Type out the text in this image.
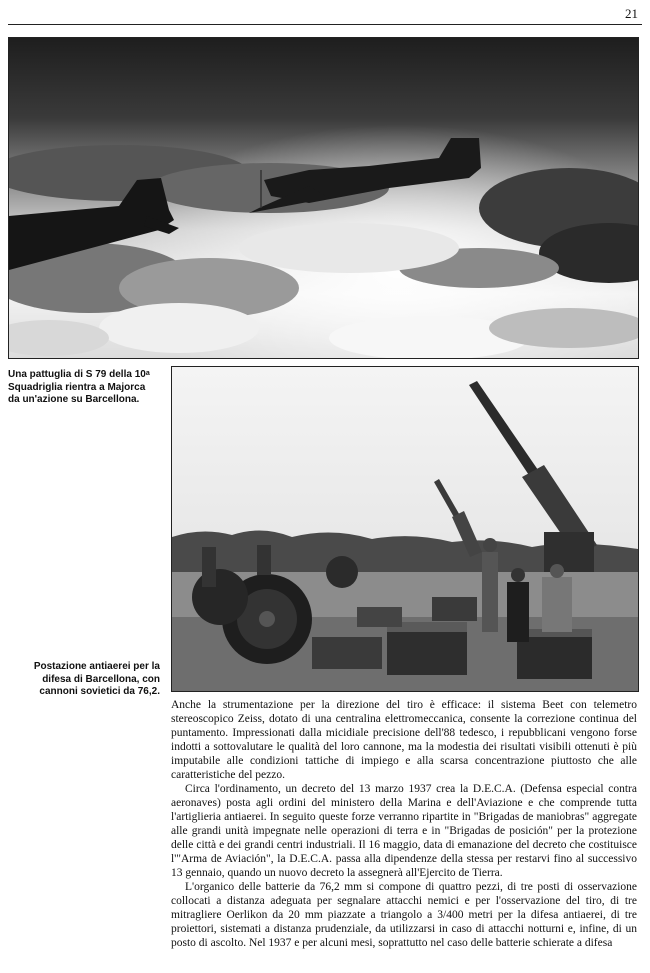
21
Una pattuglia di S 79 della 10$^a$ Squadriglia rientra a Majorca da un'azione su Barcellona.
Postazione antiaerei per la difesa di Barcellona, con cannoni sovietici da 76,2.

Anche la strumentazione per la direzione del tiro è efficace: il sistema Beet con telemetro stereoscopico Zeiss, dotato di una centralina elettromeccanica, consente la correzione continua del puntamento. Impressionati dalla micidiale precisione dell'88 tedesco, i repubblicani vengono forse indotti a sottovalutare le qualità del loro cannone, ma la modestia dei risultati visibili ottenuti è più imputabile alle condizioni tattiche di impiego e alla scarsa concentrazione piuttosto che alle caratteristiche del pezzo.

Circa l'ordinamento, un decreto del 13 marzo 1937 crea la D.E.C.A. (Defensa especial contra aeronaves) posta agli ordini del ministero della Marina e dell'Aviazione e che comprende tutta l'artiglieria antiaerei. In seguito queste forze verranno ripartite in "Brigadas de maniobras" aggregate alle grandi unità impegnate nelle operazioni di terra e in "Brigadas de posición" per la protezione delle città e dei grandi centri industriali. Il 16 maggio, data di emanazione del decreto che costituisce l'"Arma de Aviación", la D.E.C.A. passa alla dipendenze della stessa per restarvi fino al successivo 13 gennaio, quando un nuovo decreto la assegnerà all'Ejercito de Tierra.

L'organico delle batterie da 76,2 mm si compone di quattro pezzi, di tre posti di osservazione collocati a distanza adeguata per segnalare attacchi nemici e per l'osservazione del tiro, di tre mitragliere Oerlikon da 20 mm piazzate a triangolo a 3/400 metri per la difesa antiaerei, di tre proiettori, sistemati a distanza prudenziale, da utilizzarsi in caso di attacchi notturni e, infine, di un posto di ascolto. Nel 1937 e per alcuni mesi, soprattutto nel caso delle batterie schierate a difesa
